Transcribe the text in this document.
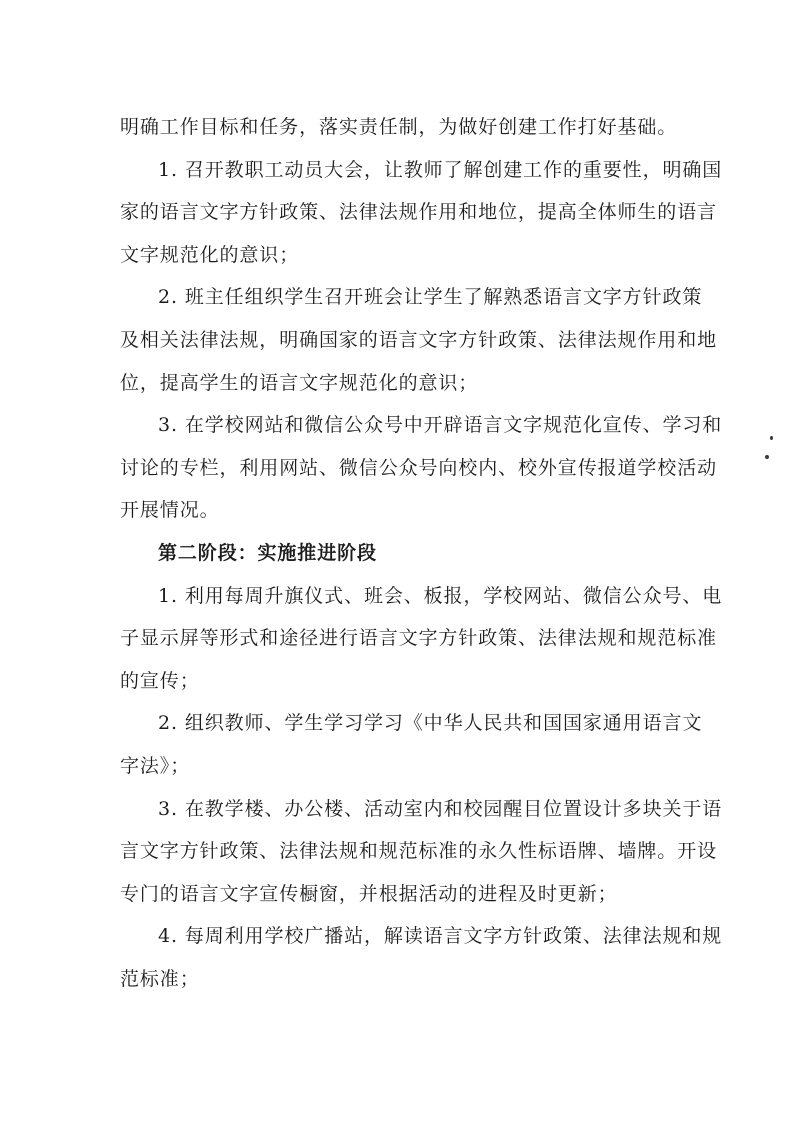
明确工作目标和任务，落实责任制，为做好创建工作打好基础。

1. 召开教职工动员大会，让教师了解创建工作的重要性，明确国

家的语言文字方针政策、法律法规作用和地位，提高全体师生的语言

文字规范化的意识；

2. 班主任组织学生召开班会让学生了解熟悉语言文字方针政策

及相关法律法规，明确国家的语言文字方针政策、法律法规作用和地

位，提高学生的语言文字规范化的意识；

3. 在学校网站和微信公众号中开辟语言文字规范化宣传、学习和

讨论的专栏，利用网站、微信公众号向校内、校外宣传报道学校活动

开展情况。

第二阶段：实施推进阶段

1. 利用每周升旗仪式、班会、板报，学校网站、微信公众号、电

子显示屏等形式和途径进行语言文字方针政策、法律法规和规范标准

的宣传；

2. 组织教师、学生学习学习《中华人民共和国国家通用语言文

字法》；

3. 在教学楼、办公楼、活动室内和校园醒目位置设计多块关于语

言文字方针政策、法律法规和规范标准的永久性标语牌、墙牌。开设

专门的语言文字宣传橱窗，并根据活动的进程及时更新；

4. 每周利用学校广播站，解读语言文字方针政策、法律法规和规

范标准；
